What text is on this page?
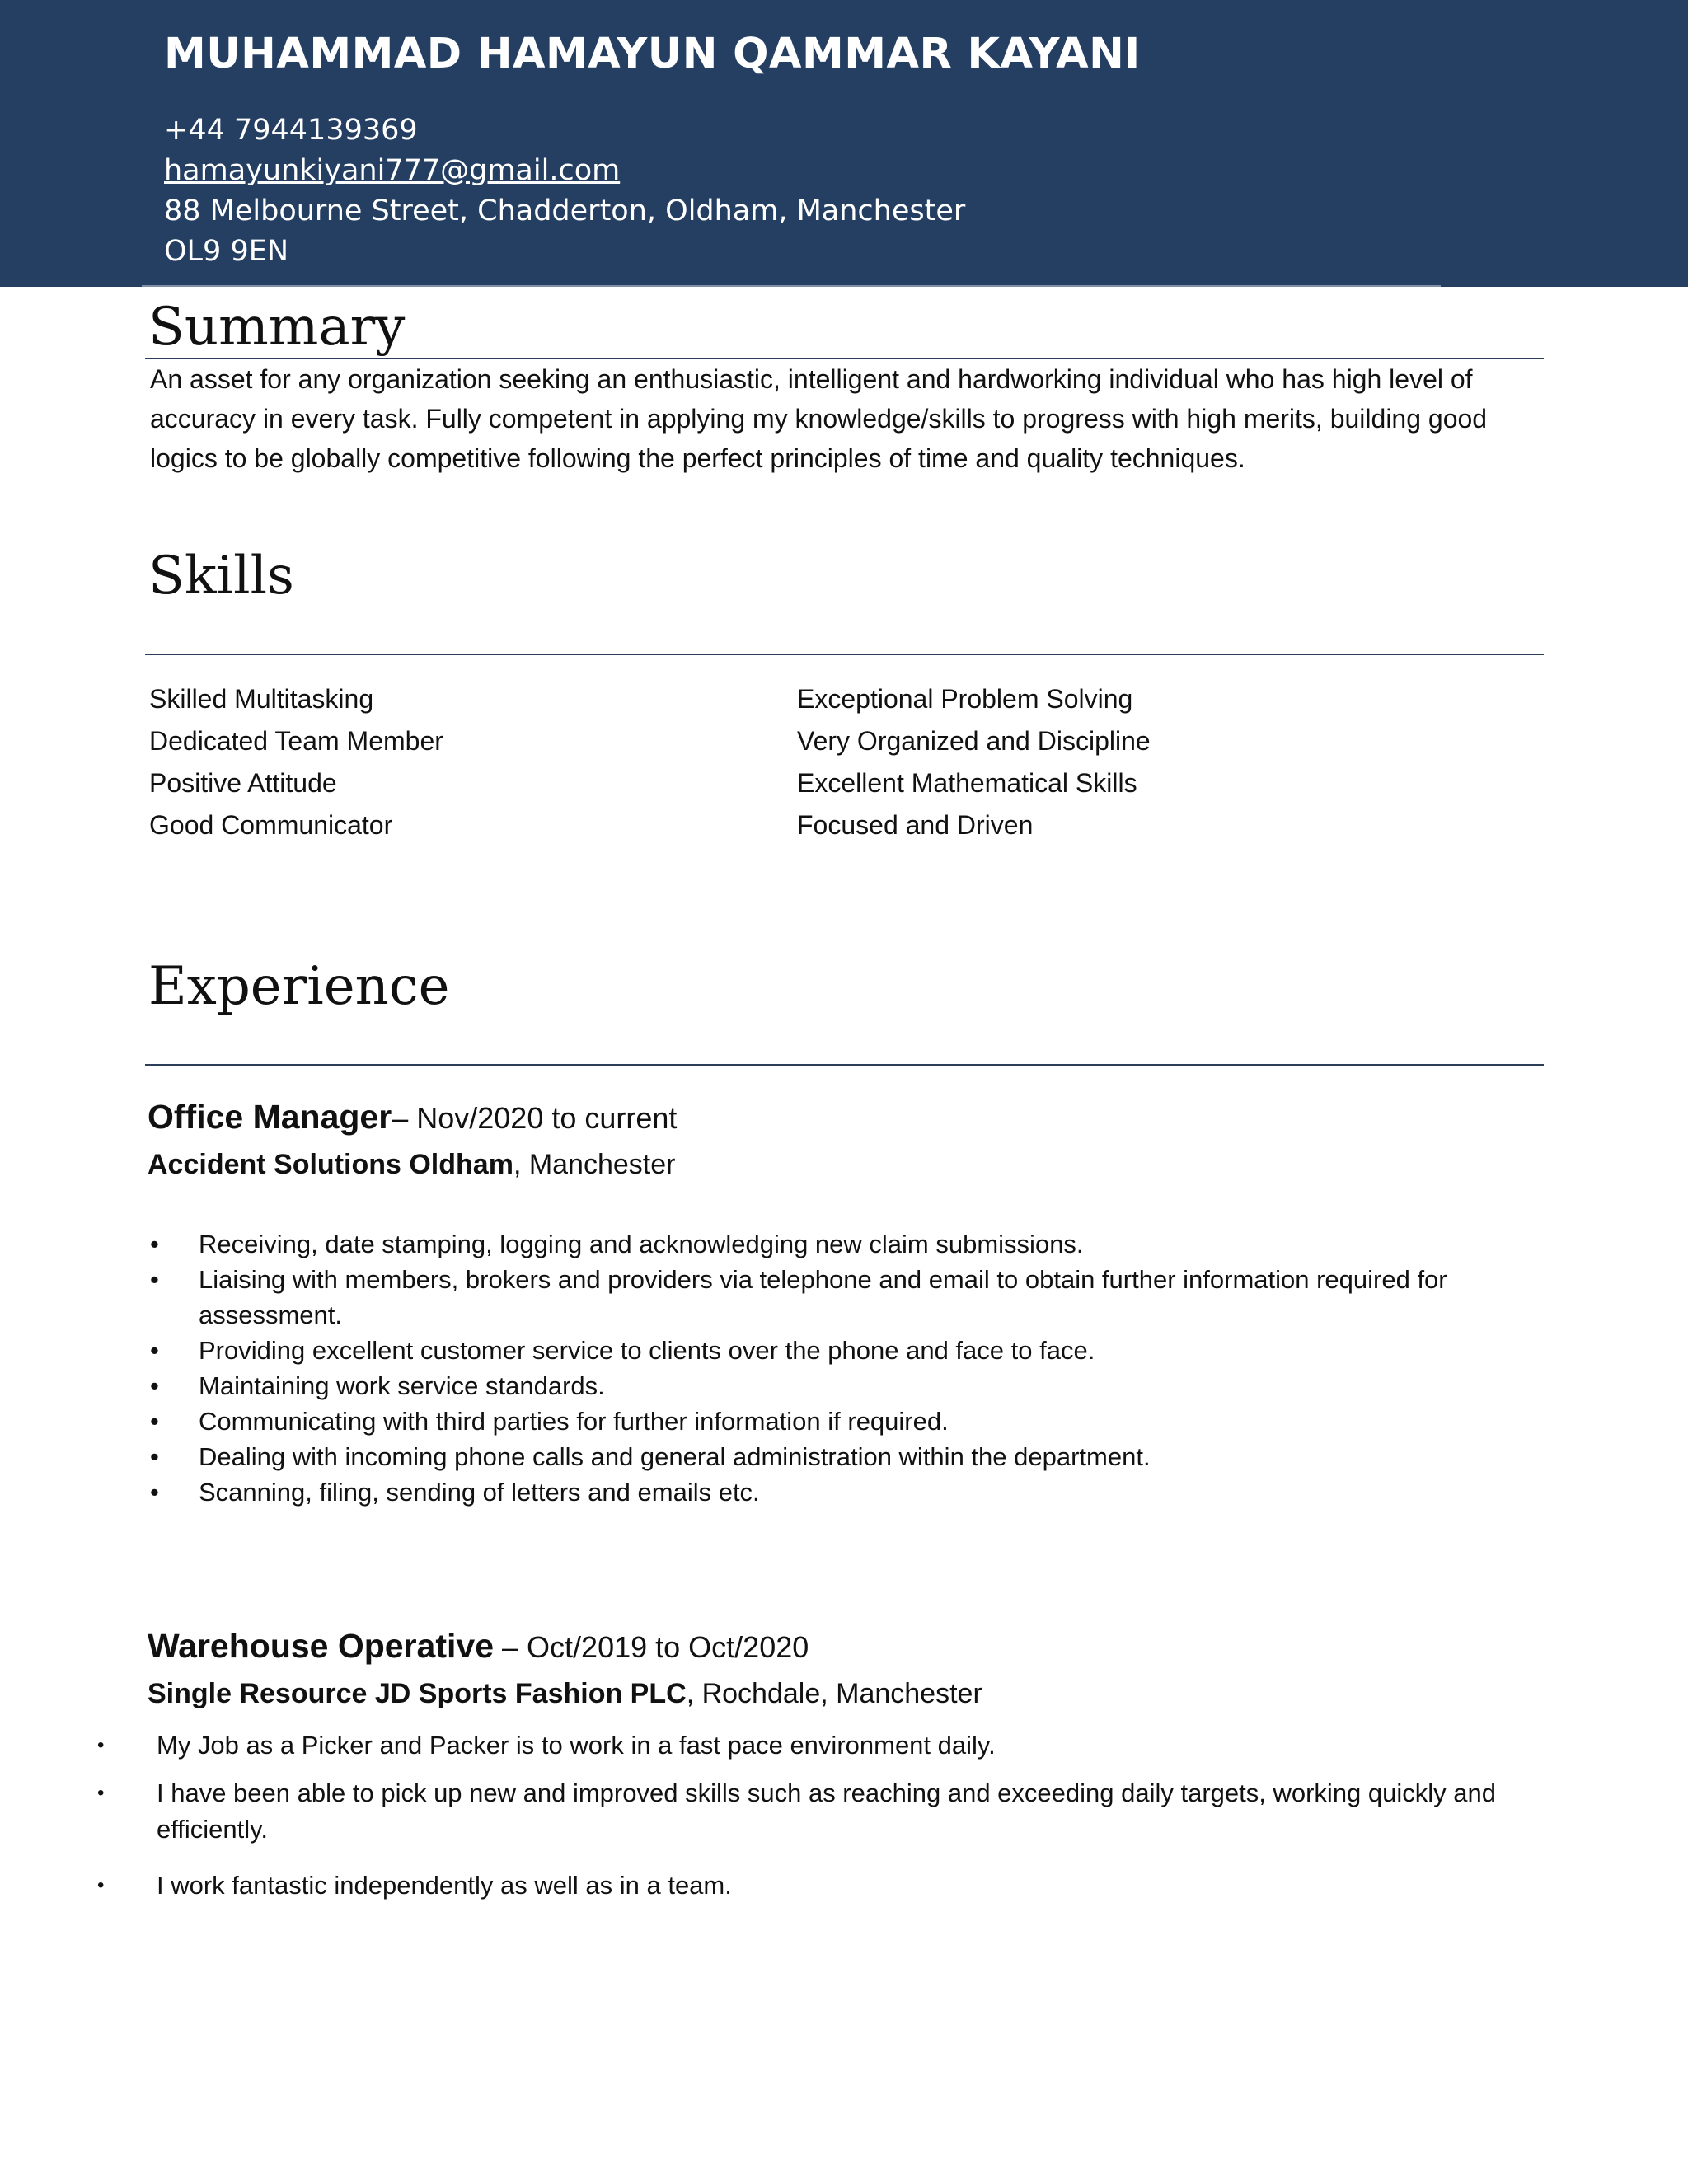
MUHAMMAD HAMAYUN QAMMAR KAYANI
+44 7944139369
hamayunkiyani777@gmail.com
88 Melbourne Street, Chadderton, Oldham, Manchester
OL9 9EN
Summary

An asset for any organization seeking an enthusiastic, intelligent and hardworking individual who has high level of accuracy in every task. Fully competent in applying my knowledge/skills to progress with high merits, building good logics to be globally competitive following the perfect principles of time and quality techniques.

Skills
Skilled Multitasking
Dedicated Team Member
Positive Attitude
Good Communicator
Exceptional Problem Solving
Very Organized and Discipline
Excellent Mathematical Skills
Focused and Driven
Experience
Office Manager– Nov/2020 to current
Accident Solutions Oldham, Manchester
• Receiving, date stamping, logging and acknowledging new claim submissions.
• Liaising with members, brokers and providers via telephone and email to obtain further information required for assessment.
• Providing excellent customer service to clients over the phone and face to face.
• Maintaining work service standards.
• Communicating with third parties for further information if required.
• Dealing with incoming phone calls and general administration within the department.
• Scanning, filing, sending of letters and emails etc.
Warehouse Operative – Oct/2019 to Oct/2020
Single Resource JD Sports Fashion PLC, Rochdale, Manchester
• My Job as a Picker and Packer is to work in a fast pace environment daily.
• I have been able to pick up new and improved skills such as reaching and exceeding daily targets, working quickly and efficiently.
• I work fantastic independently as well as in a team.
